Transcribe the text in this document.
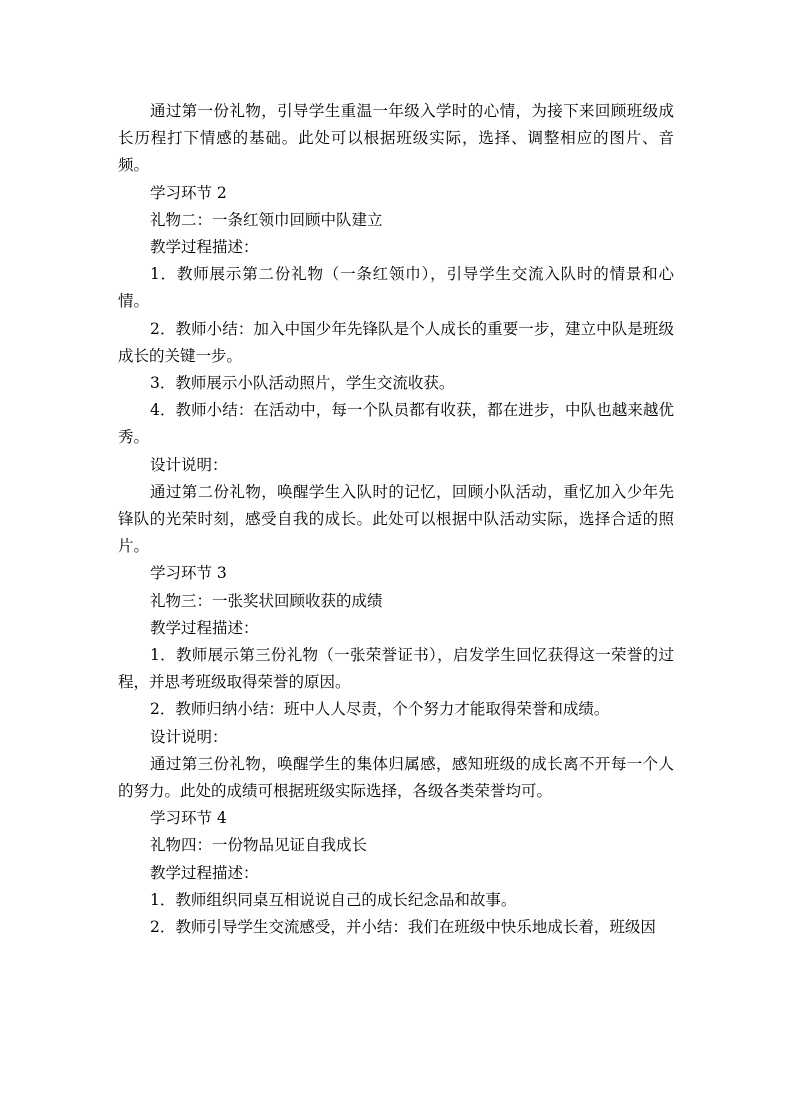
通过第一份礼物，引导学生重温一年级入学时的心情，为接下来回顾班级成长历程打下情感的基础。此处可以根据班级实际，选择、调整相应的图片、音频。

学习环节 2

礼物二：一条红领巾回顾中队建立

教学过程描述：

1．教师展示第二份礼物（一条红领巾），引导学生交流入队时的情景和心情。

2．教师小结：加入中国少年先锋队是个人成长的重要一步，建立中队是班级成长的关键一步。

3．教师展示小队活动照片，学生交流收获。

4．教师小结：在活动中，每一个队员都有收获，都在进步，中队也越来越优秀。

设计说明：

通过第二份礼物，唤醒学生入队时的记忆，回顾小队活动，重忆加入少年先锋队的光荣时刻，感受自我的成长。此处可以根据中队活动实际，选择合适的照片。

学习环节 3

礼物三：一张奖状回顾收获的成绩

教学过程描述：

1．教师展示第三份礼物（一张荣誉证书），启发学生回忆获得这一荣誉的过程，并思考班级取得荣誉的原因。

2．教师归纳小结：班中人人尽责，个个努力才能取得荣誉和成绩。

设计说明：

通过第三份礼物，唤醒学生的集体归属感，感知班级的成长离不开每一个人的努力。此处的成绩可根据班级实际选择，各级各类荣誉均可。

学习环节 4

礼物四：一份物品见证自我成长

教学过程描述：

1．教师组织同桌互相说说自己的成长纪念品和故事。

2．教师引导学生交流感受，并小结：我们在班级中快乐地成长着，班级因
